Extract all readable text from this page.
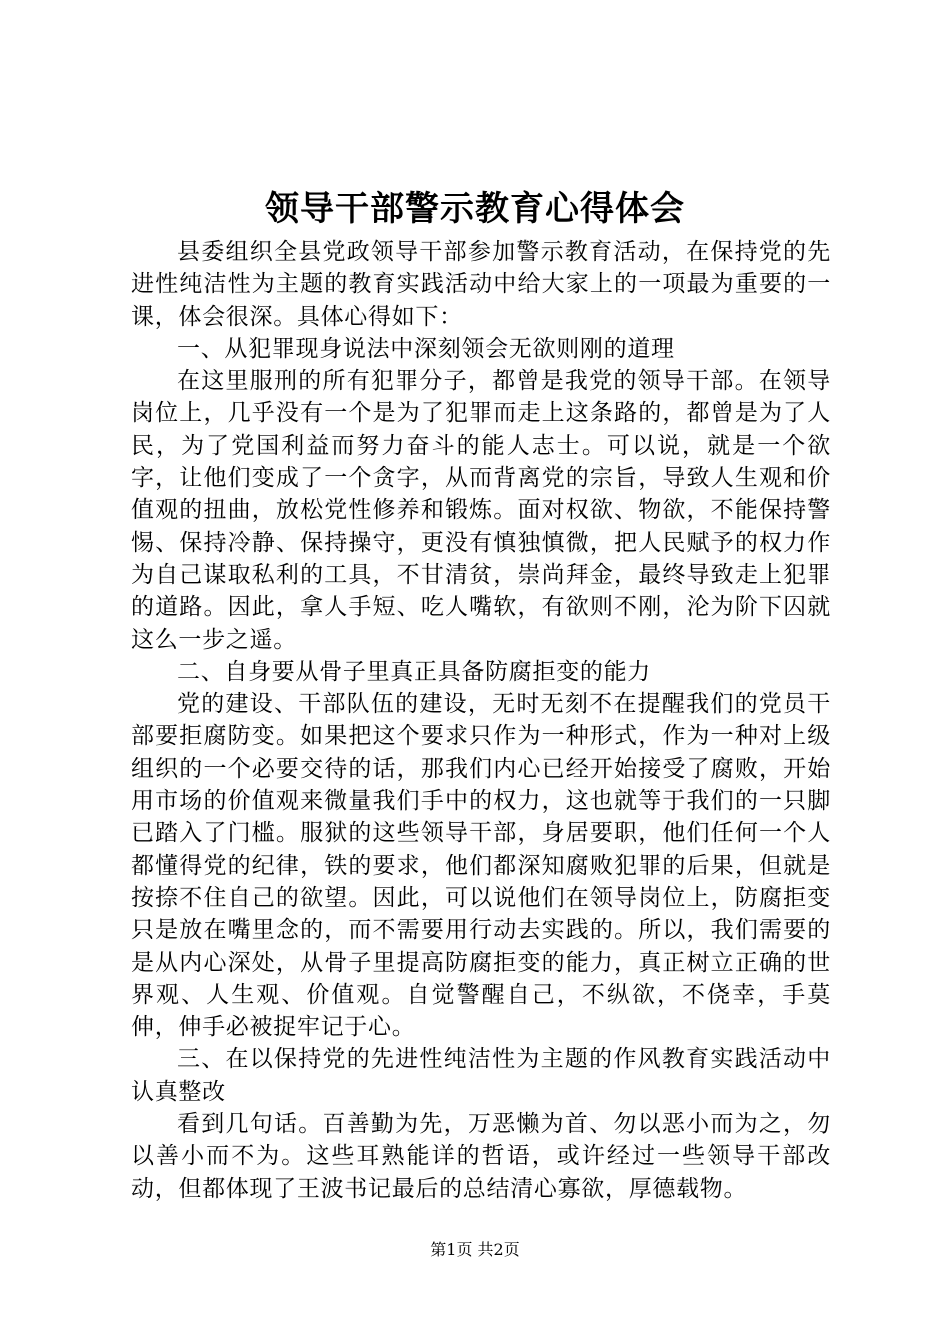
领导干部警示教育心得体会

县委组织全县党政领导干部参加警示教育活动，在保持党的先进性纯洁性为主题的教育实践活动中给大家上的一项最为重要的一课，体会很深。具体心得如下：

一、从犯罪现身说法中深刻领会无欲则刚的道理

在这里服刑的所有犯罪分子，都曾是我党的领导干部。在领导岗位上，几乎没有一个是为了犯罪而走上这条路的，都曾是为了人民，为了党国利益而努力奋斗的能人志士。可以说，就是一个欲字，让他们变成了一个贪字，从而背离党的宗旨，导致人生观和价值观的扭曲，放松党性修养和锻炼。面对权欲、物欲，不能保持警惕、保持冷静、保持操守，更没有慎独慎微，把人民赋予的权力作为自己谋取私利的工具，不甘清贫，崇尚拜金，最终导致走上犯罪的道路。因此，拿人手短、吃人嘴软，有欲则不刚，沦为阶下囚就这么一步之遥。

二、自身要从骨子里真正具备防腐拒变的能力

党的建设、干部队伍的建设，无时无刻不在提醒我们的党员干部要拒腐防变。如果把这个要求只作为一种形式，作为一种对上级组织的一个必要交待的话，那我们内心已经开始接受了腐败，开始用市场的价值观来微量我们手中的权力，这也就等于我们的一只脚已踏入了门槛。服狱的这些领导干部，身居要职，他们任何一个人都懂得党的纪律，铁的要求，他们都深知腐败犯罪的后果，但就是按捺不住自己的欲望。因此，可以说他们在领导岗位上，防腐拒变只是放在嘴里念的，而不需要用行动去实践的。所以，我们需要的是从内心深处，从骨子里提高防腐拒变的能力，真正树立正确的世界观、人生观、价值观。自觉警醒自己，不纵欲，不侥幸，手莫伸，伸手必被捉牢记于心。

三、在以保持党的先进性纯洁性为主题的作风教育实践活动中认真整改

看到几句话。百善勤为先，万恶懒为首、勿以恶小而为之，勿以善小而不为。这些耳熟能详的哲语，或许经过一些领导干部改动，但都体现了王波书记最后的总结清心寡欲，厚德载物。

第1页 共2页
